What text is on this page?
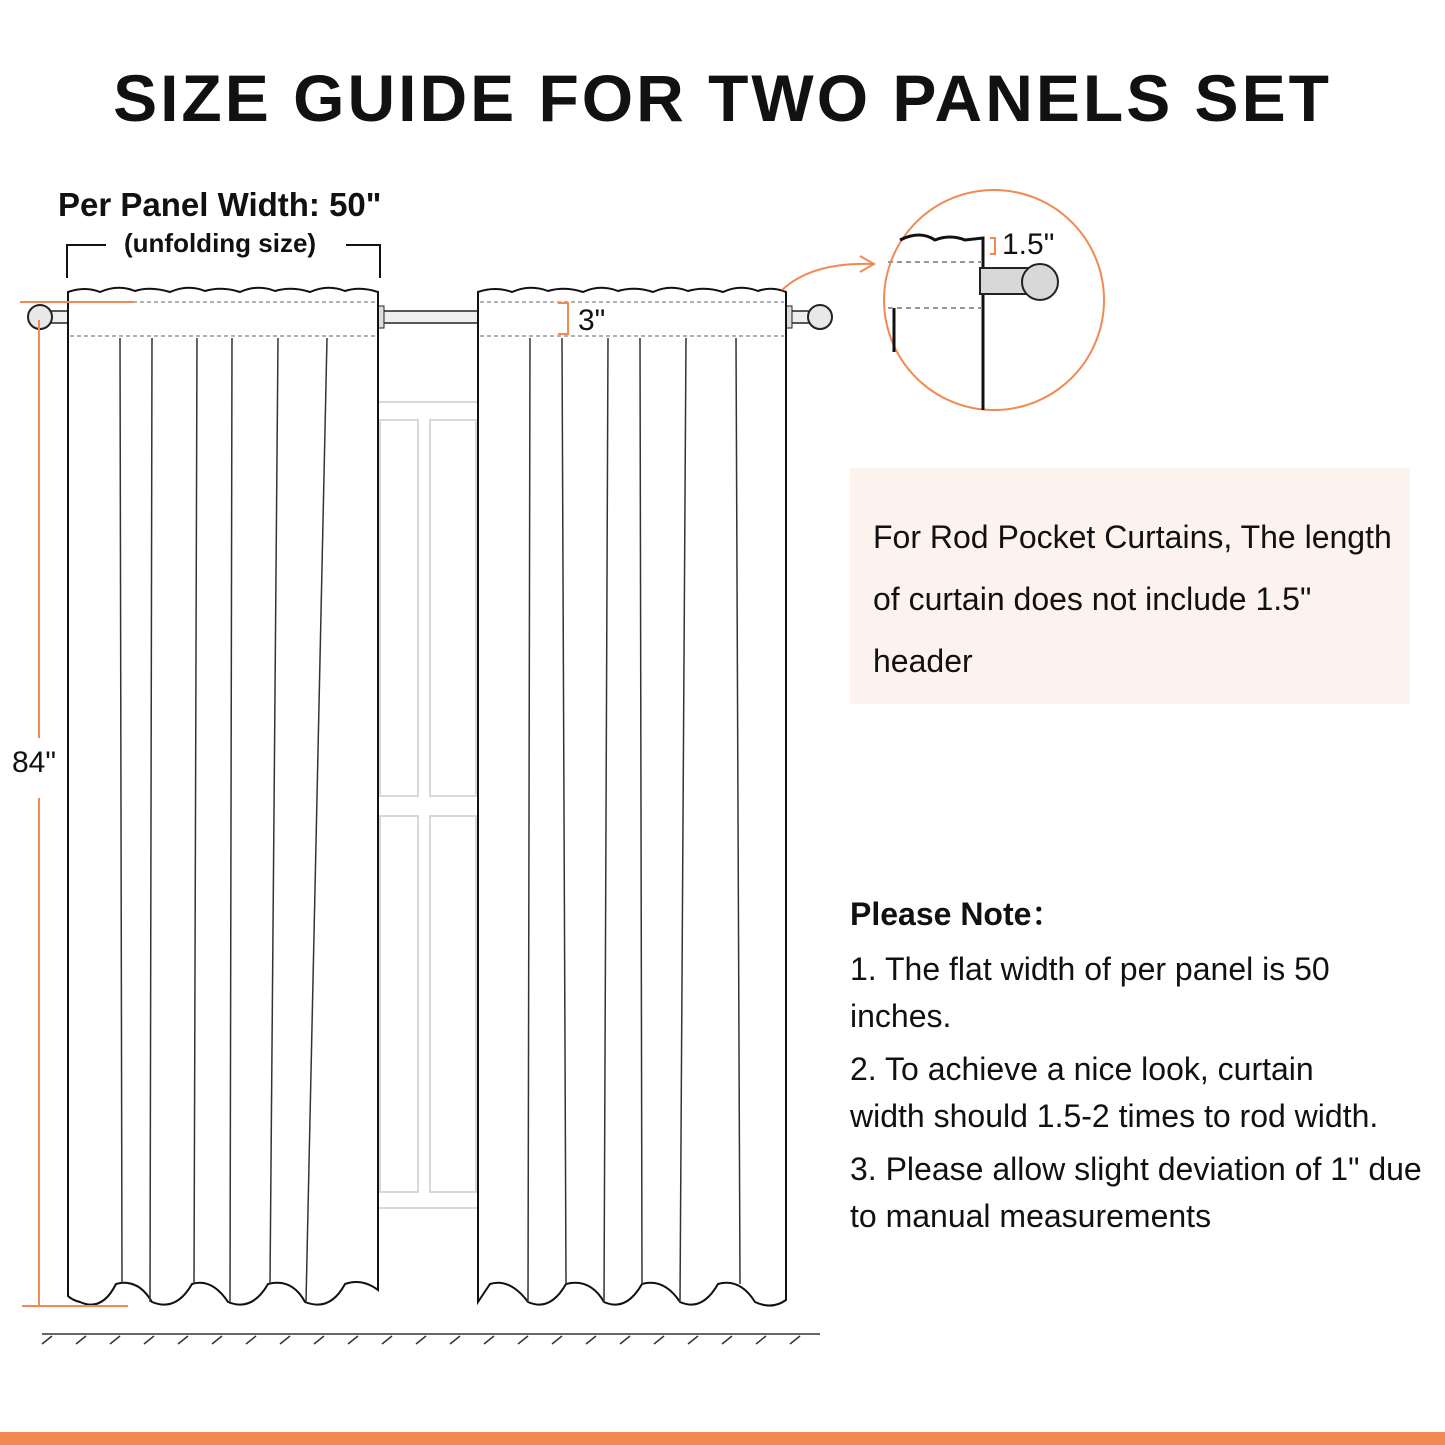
SIZE GUIDE FOR TWO PANELS SET
Per Panel Width: 50"
(unfolding size)
84"
3"
1.5"

For Rod Pocket Curtains, The length of curtain does not include 1.5" header

Please Note：

1. The flat width of per panel is 50 inches.

2. To achieve a nice look, curtain width should 1.5-2 times to rod width.

3. Please allow slight deviation of 1" due to manual measurements
